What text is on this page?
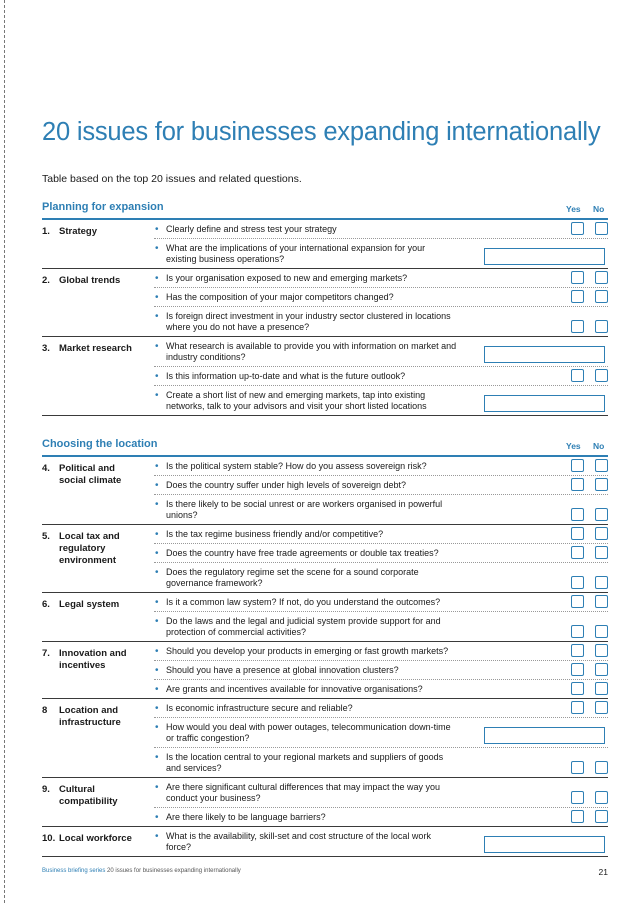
20 issues for businesses expanding internationally
Table based on the top 20 issues and related questions.
Planning for expansion	Yes No
1. Strategy	• Clearly define and stress test your strategy
• What are the implications of your international expansion for your existing business operations?
2. Global trends	• Is your organisation exposed to new and emerging markets?
• Has the composition of your major competitors changed?
• Is foreign direct investment in your industry sector clustered in locations where you do not have a presence?
3. Market research • What research is available to provide you with information on market and industry conditions?
• Is this information up-to-date and what is the future outlook?
• Create a short list of new and emerging markets, tap into existing networks, talk to your advisors and visit your short listed locations
Choosing the location	Yes No
4. Political and social climate
• Is the political system stable? How do you assess sovereign risk?
• Does the country suffer under high levels of sovereign debt?
• Is there likely to be social unrest or are workers organised in powerful unions?
5. Local tax and regulatory environment
• Is the tax regime business friendly and/or competitive?
• Does the country have free trade agreements or double tax treaties?
• Does the regulatory regime set the scene for a sound corporate governance framework?
6. Legal system	• Is it a common law system? If not, do you understand the outcomes?
• Do the laws and the legal and judicial system provide support for and protection of commercial activities?
7. Innovation and incentives
• Should you develop your products in emerging or fast growth markets?
• Should you have a presence at global innovation clusters?
• Are grants and incentives available for innovative organisations?
8	Location and infrastructure
• Is economic infrastructure secure and reliable?
• How would you deal with power outages, telecommunication down-time or traffic congestion?
• Is the location central to your regional markets and suppliers of goods and services?
9. Cultural compatibility
• Are there significant cultural differences that may impact the way you conduct your business?
• Are there likely to be language barriers?
10. Local workforce • What is the availability, skill-set and cost structure of the local work force?
Business briefing series 20 issues for businesses expanding internationally	21
